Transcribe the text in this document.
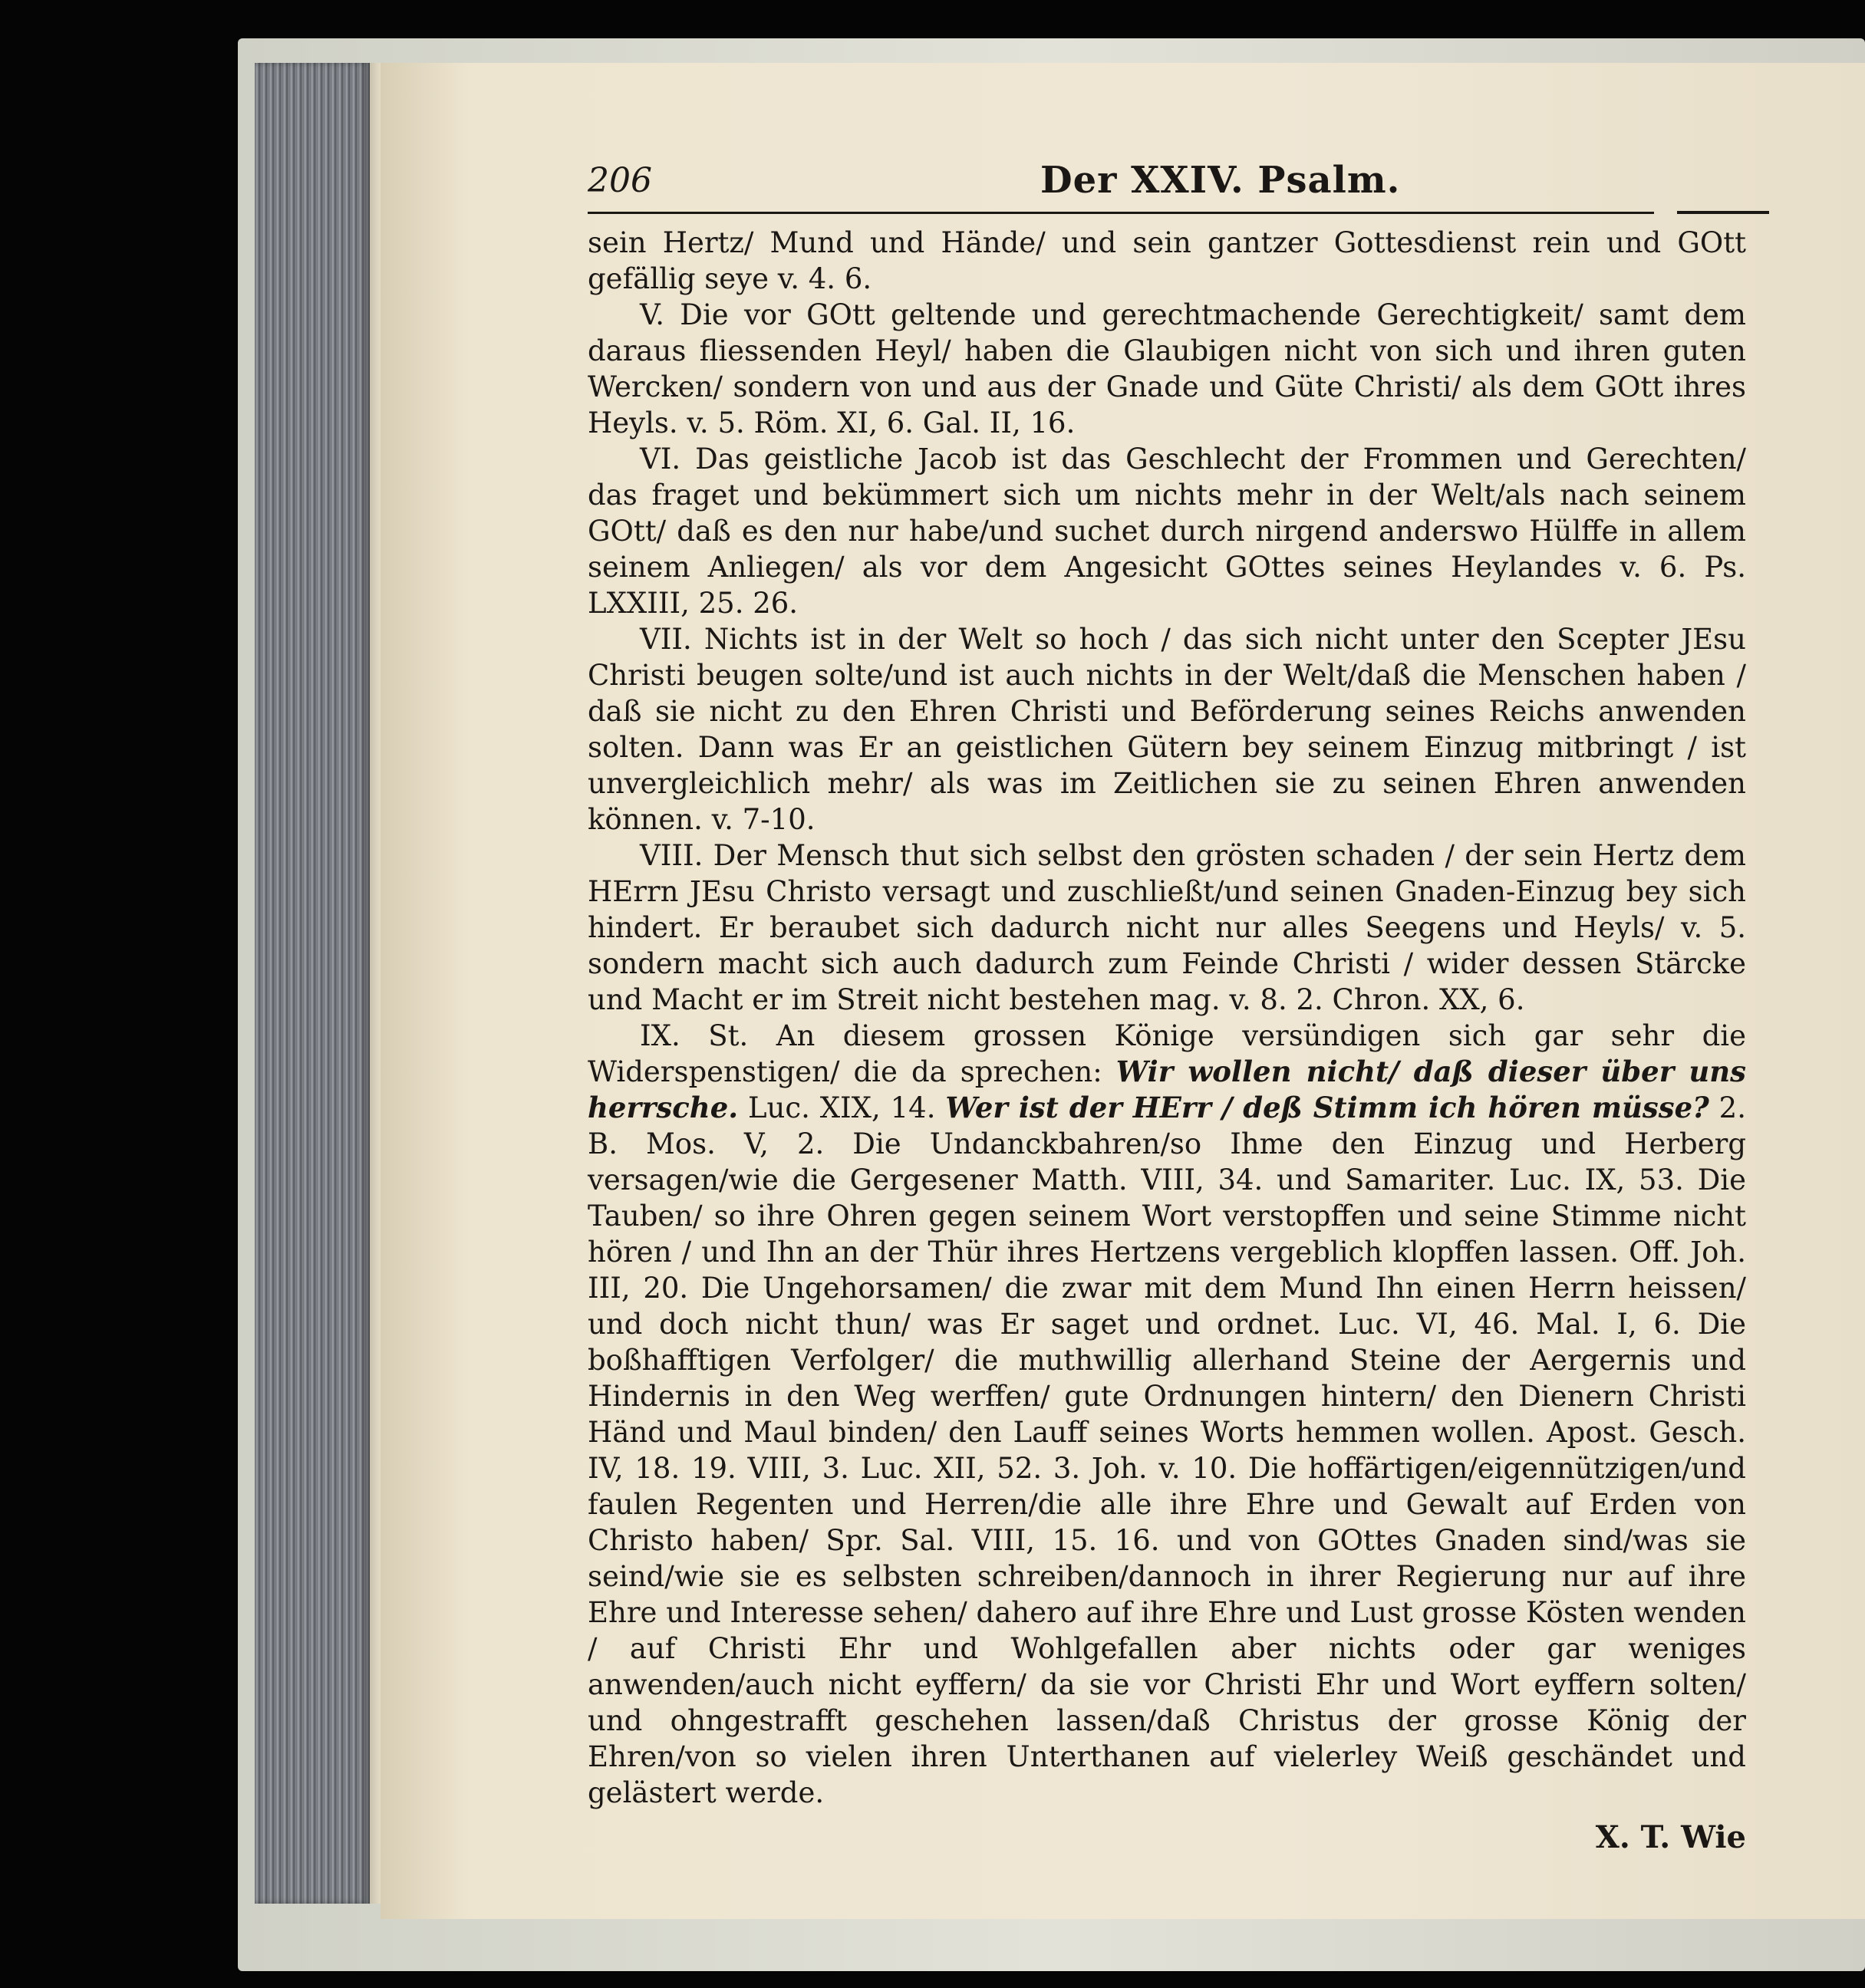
206	Der XXIV. Psalm.

sein Hertz/ Mund und Hände/ und sein gantzer Gottesdienst rein und GOtt gefällig seye v. 4. 6.

V. Die vor GOtt geltende und gerechtmachende Gerechtigkeit/ samt dem daraus fliessenden Heyl/ haben die Glaubigen nicht von sich und ihren guten Wercken/ sondern von und aus der Gnade und Güte Christi/ als dem GOtt ihres Heyls. v. 5. Röm. XI, 6. Gal. II, 16.

VI. Das geistliche Jacob ist das Geschlecht der Frommen und Gerechten/ das fraget und bekümmert sich um nichts mehr in der Welt/als nach seinem GOtt/ daß es den nur habe/und suchet durch nirgend anderswo Hülffe in allem seinem Anliegen/ als vor dem Angesicht GOttes seines Heylandes v. 6. Ps. LXXIII, 25. 26.

VII. Nichts ist in der Welt so hoch / das sich nicht unter den Scepter JEsu Christi beugen solte/und ist auch nichts in der Welt/daß die Menschen haben / daß sie nicht zu den Ehren Christi und Beförderung seines Reichs anwenden solten. Dann was Er an geistlichen Gütern bey seinem Einzug mitbringt / ist unvergleichlich mehr/ als was im Zeitlichen sie zu seinen Ehren anwenden können. v. 7-10.

VIII. Der Mensch thut sich selbst den grösten schaden / der sein Hertz dem HErrn JEsu Christo versagt und zuschließt/und seinen Gnaden-Einzug bey sich hindert. Er beraubet sich dadurch nicht nur alles Seegens und Heyls/ v. 5. sondern macht sich auch dadurch zum Feinde Christi / wider dessen Stärcke und Macht er im Streit nicht bestehen mag. v. 8. 2. Chron. XX, 6.

IX. St. An diesem grossen Könige versündigen sich gar sehr die Widerspenstigen/ die da sprechen: Wir wollen nicht/ daß dieser über uns herrsche. Luc. XIX, 14. Wer ist der HErr / deß Stimm ich hören müsse? 2. B. Mos. V, 2. Die Undanckbahren/so Ihme den Einzug und Herberg versagen/wie die Gergesener Matth. VIII, 34. und Samariter. Luc. IX, 53. Die Tauben/ so ihre Ohren gegen seinem Wort verstopffen und seine Stimme nicht hören / und Ihn an der Thür ihres Hertzens vergeblich klopffen lassen. Off. Joh. III, 20. Die Ungehorsamen/ die zwar mit dem Mund Ihn einen Herrn heissen/ und doch nicht thun/ was Er saget und ordnet. Luc. VI, 46. Mal. I, 6. Die boßhafftigen Verfolger/ die muthwillig allerhand Steine der Aergernis und Hindernis in den Weg werffen/ gute Ordnungen hintern/ den Dienern Christi Händ und Maul binden/ den Lauff seines Worts hemmen wollen. Apost. Gesch. IV, 18. 19. VIII, 3. Luc. XII, 52. 3. Joh. v. 10. Die hoffärtigen/eigennützigen/und faulen Regenten und Herren/die alle ihre Ehre und Gewalt auf Erden von Christo haben/ Spr. Sal. VIII, 15. 16. und von GOttes Gnaden sind/was sie seind/wie sie es selbsten schreiben/dannoch in ihrer Regierung nur auf ihre Ehre und Interesse sehen/ dahero auf ihre Ehre und Lust grosse Kösten wenden / auf Christi Ehr und Wohlgefallen aber nichts oder gar weniges anwenden/auch nicht eyffern/ da sie vor Christi Ehr und Wort eyffern solten/ und ohngestrafft geschehen lassen/daß Christus der grosse König der Ehren/von so vielen ihren Unterthanen auf vielerley Weiß geschändet und gelästert werde.

X. T. Wie
